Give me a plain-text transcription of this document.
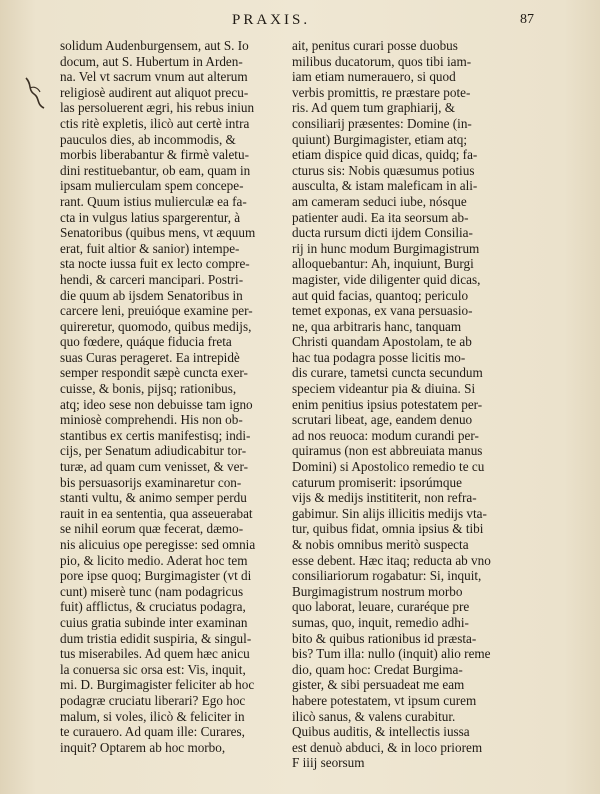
PRAXIS.	87
solidum Audenburgensem, aut S. Io
docum, aut S. Hubertum in Arden-
na. Vel vt sacrum vnum aut alterum
religiosè audirent aut aliquot precu-
las persoluerent ægri, his rebus iniun
ctis ritè expletis, ilicò aut certè intra
pauculos dies, ab incommodis, &
morbis liberabantur & firmè valetu-
dini restituebantur, ob eam, quam in
ipsam mulierculam spem concepe-
rant. Quum istius mulierculæ ea fa-
cta in vulgus latius spargerentur, à
Senatoribus (quibus mens, vt æquum
erat, fuit altior & sanior) intempe-
sta nocte iussa fuit ex lecto compre-
hendi, & carceri mancipari. Postri-
die quum ab ijsdem Senatoribus in
carcere leni, preuióque examine per-
quireretur, quomodo, quibus medijs,
quo fœdere, quáque fiducia freta
suas Curas perageret. Ea intrepidè
semper respondit sæpè cuncta exer-
cuisse, & bonis, pijsq; rationibus,
atq; ideo sese non debuisse tam igno
miniosè comprehendi. His non ob-
stantibus ex certis manifestisq; indi-
cijs, per Senatum adiudicabitur tor-
turæ, ad quam cum venisset, & ver-
bis persuasorijs examinaretur con-
stanti vultu, & animo semper perdu
rauit in ea sententia, qua asseuerabat
se nihil eorum quæ fecerat, dæmo-
nis alicuius ope peregisse: sed omnia
pio, & licito medio. Aderat hoc tem
pore ipse quoq; Burgimagister (vt di
cunt) miserè tunc (nam podagricus
fuit) afflictus, & cruciatus podagra,
cuius gratia subinde inter examinan
dum tristia edidit suspiria, & singul-
tus miserabiles. Ad quem hæc anicu
la conuersa sic orsa est: Vis, inquit,
mi. D. Burgimagister feliciter ab hoc
podagræ cruciatu liberari? Ego hoc
malum, si voles, ilicò & feliciter in
te curauero. Ad quam ille: Curares,
inquit? Optarem ab hoc morbo,
ait, penitus curari posse duobus
milibus ducatorum, quos tibi iam-
iam etiam numerauero, si quod
verbis promittis, re præstare pote-
ris. Ad quem tum graphiarij, &
consiliarij præsentes: Domine (in-
quiunt) Burgimagister, etiam atq;
etiam dispice quid dicas, quidq; fa-
cturus sis: Nobis quæsumus potius
ausculta, & istam maleficam in ali-
am cameram seduci iube, nósque
patienter audi. Ea ita seorsum ab-
ducta rursum dicti ijdem Consilia-
rij in hunc modum Burgimagistrum
alloquebantur: Ah, inquiunt, Burgi
magister, vide diligenter quid dicas,
aut quid facias, quantoq; periculo
temet exponas, ex vana persuasio-
ne, qua arbitraris hanc, tanquam
Christi quandam Apostolam, te ab
hac tua podagra posse licitis mo-
dis curare, tametsi cuncta secundum
speciem videantur pia & diuina. Si
enim penitius ipsius potestatem per-
scrutari libeat, age, eandem denuo
ad nos reuoca: modum curandi per-
quiramus (non est abbreuiata manus
Domini) si Apostolico remedio te cu
caturum promiserit: ipsorúmque
vijs & medijs instititerit, non refra-
gabimur. Sin alijs illicitis medijs vta-
tur, quibus fidat, omnia ipsius & tibi
& nobis omnibus meritò suspecta
esse debent. Hæc itaq; reducta ab vno
consiliariorum rogabatur: Si, inquit,
Burgimagistrum nostrum morbo
quo laborat, leuare, curaréque pre
sumas, quo, inquit, remedio adhi-
bito & quibus rationibus id præsta-
bis? Tum illa: nullo (inquit) alio reme
dio, quam hoc: Credat Burgima-
gister, & sibi persuadeat me eam
habere potestatem, vt ipsum curem
ilicò sanus, & valens curabitur.
Quibus auditis, & intellectis iussa
est denuò abduci, & in loco priorem
F iiij seorsum
